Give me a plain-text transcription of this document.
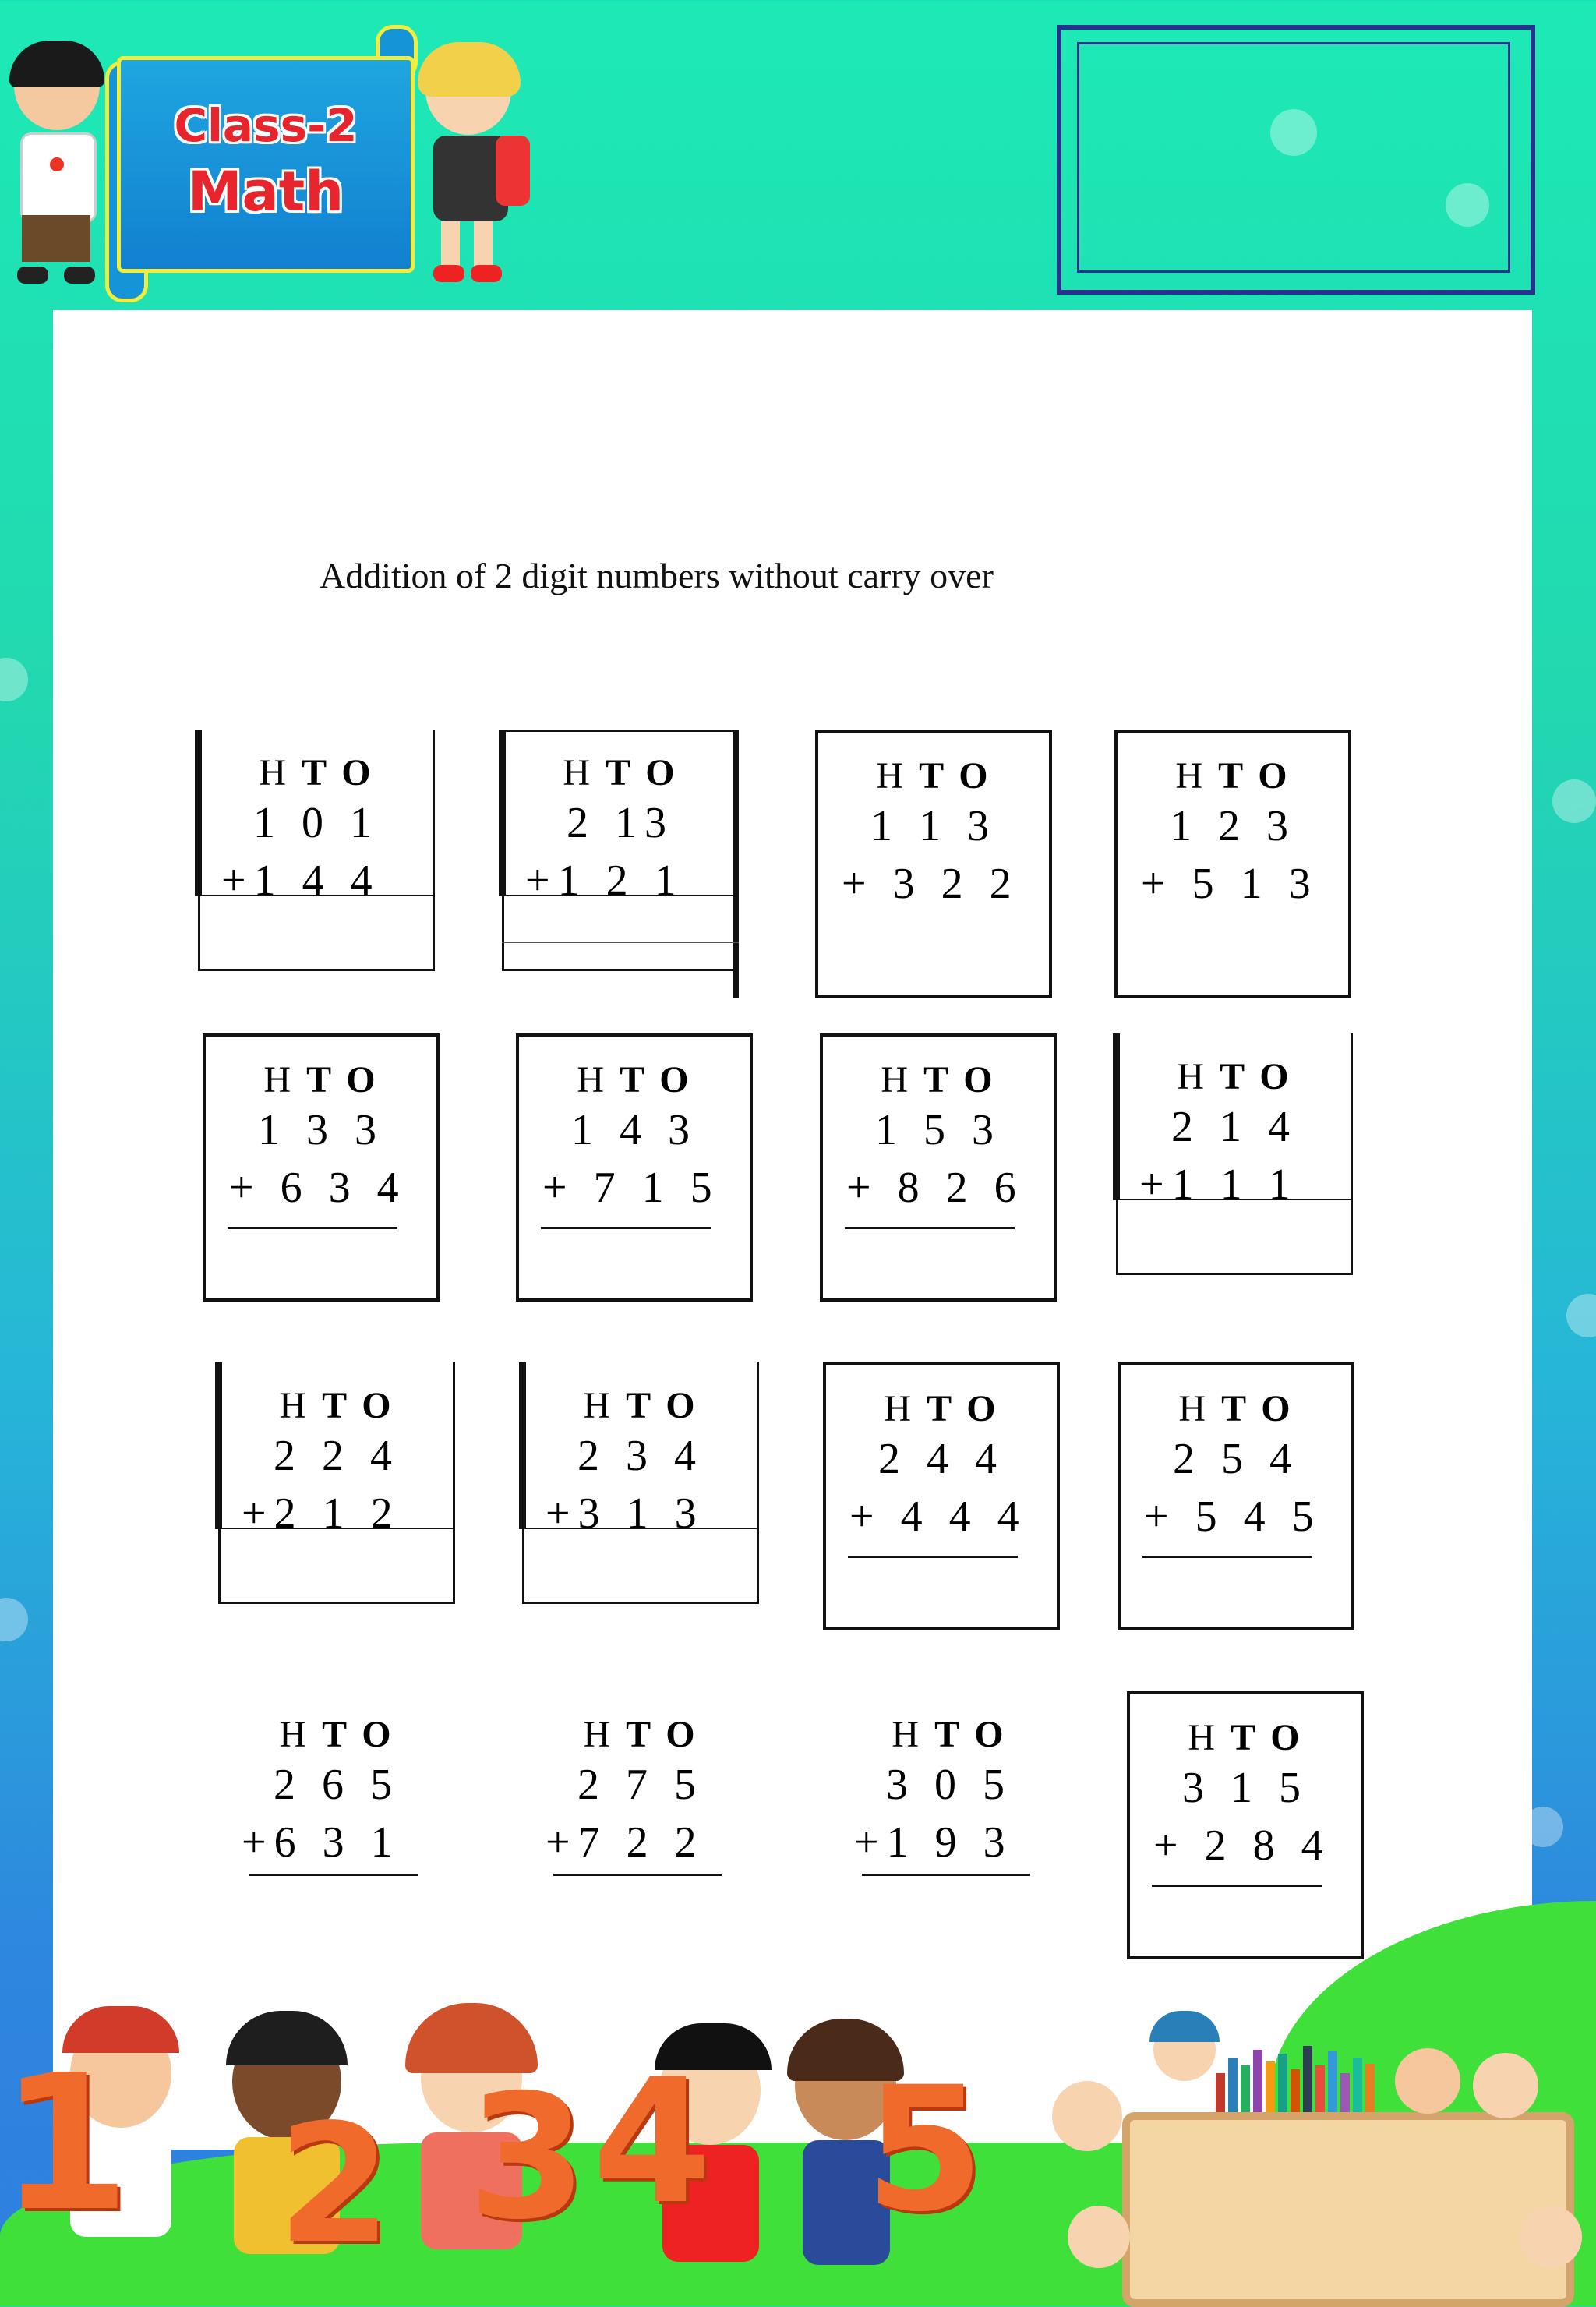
Class-2
Math
Addition of 2 digit numbers without carry over
H T O
1 0 1
+1 4 4
H T O
2 13
+1 2 1
H T O
1 1 3
+ 3 2 2
H T O
1 2 3
+ 5 1 3
H T O
1 3 3
+ 6 3 4
H T O
1 4 3
+ 7 1 5
H T O
1 5 3
+ 8 2 6
H T O
2 1 4
+1 1 1
H T O
2 2 4
+2 1 2
H T O
2 3 4
+3 1 3
H T O
2 4 4
+ 4 4 4
H T O
2 5 4
+ 5 4 5
H T O
2 6 5
+6 3 1
H T O
2 7 5
+7 2 2
H T O
3 0 5
+1 9 3
H T O
3 1 5
+ 2 8 4
1 2 3 4 5
